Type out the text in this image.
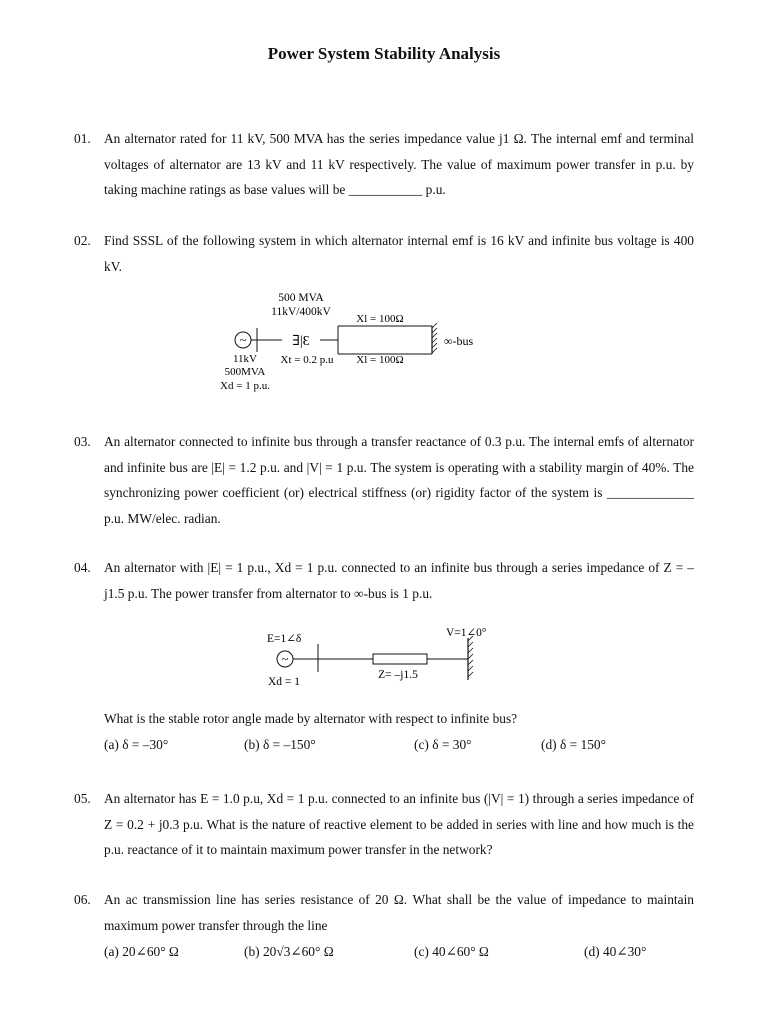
Power System Stability Analysis
01. An alternator rated for 11 kV, 500 MVA has the series impedance value j1 Ω. The internal emf and terminal voltages of alternator are 13 kV and 11 kV respectively. The value of maximum power transfer in p.u. by taking machine ratings as base values will be ___________ p.u.
02. Find SSSL of the following system in which alternator internal emf is 16 kV and infinite bus voltage is 400 kV.
500 MVA
11kV/400kV
~	∃|Ɛ
Xl = 100Ω
Xl = 100Ω
∞-bus
Xt = 0.2 p.u
11kV
500MVA
Xd = 1 p.u.
03. An alternator connected to infinite bus through a transfer reactance of 0.3 p.u. The internal emfs of alternator and infinite bus are |E| = 1.2 p.u. and |V| = 1 p.u. The system is operating with a stability margin of 40%. The synchronizing power coefficient (or) electrical stiffness (or) rigidity factor of the system is _____________ p.u. MW/elec. radian.
04. An alternator with |E| = 1 p.u., Xd = 1 p.u. connected to an infinite bus through a series impedance of Z = –j1.5 p.u. The power transfer from alternator to ∞-bus is 1 p.u.
E=1∠δ
~
V=1∠0°
Z= –j1.5
Xd = 1
What is the stable rotor angle made by alternator with respect to infinite bus?
(a) δ = –30°	(b) δ = –150°	(c) δ = 30°	(d) δ = 150°
05. An alternator has E = 1.0 p.u, Xd = 1 p.u. connected to an infinite bus (|V| = 1) through a series impedance of Z = 0.2 + j0.3 p.u. What is the nature of reactive element to be added in series with line and how much is the p.u. reactance of it to maintain maximum power transfer in the network?
06. An ac transmission line has series resistance of 20 Ω. What shall be the value of impedance to maintain maximum power transfer through the line
(a) 20∠60° Ω	(b) 20√3∠60° Ω	(c) 40∠60° Ω	(d) 40∠30°
